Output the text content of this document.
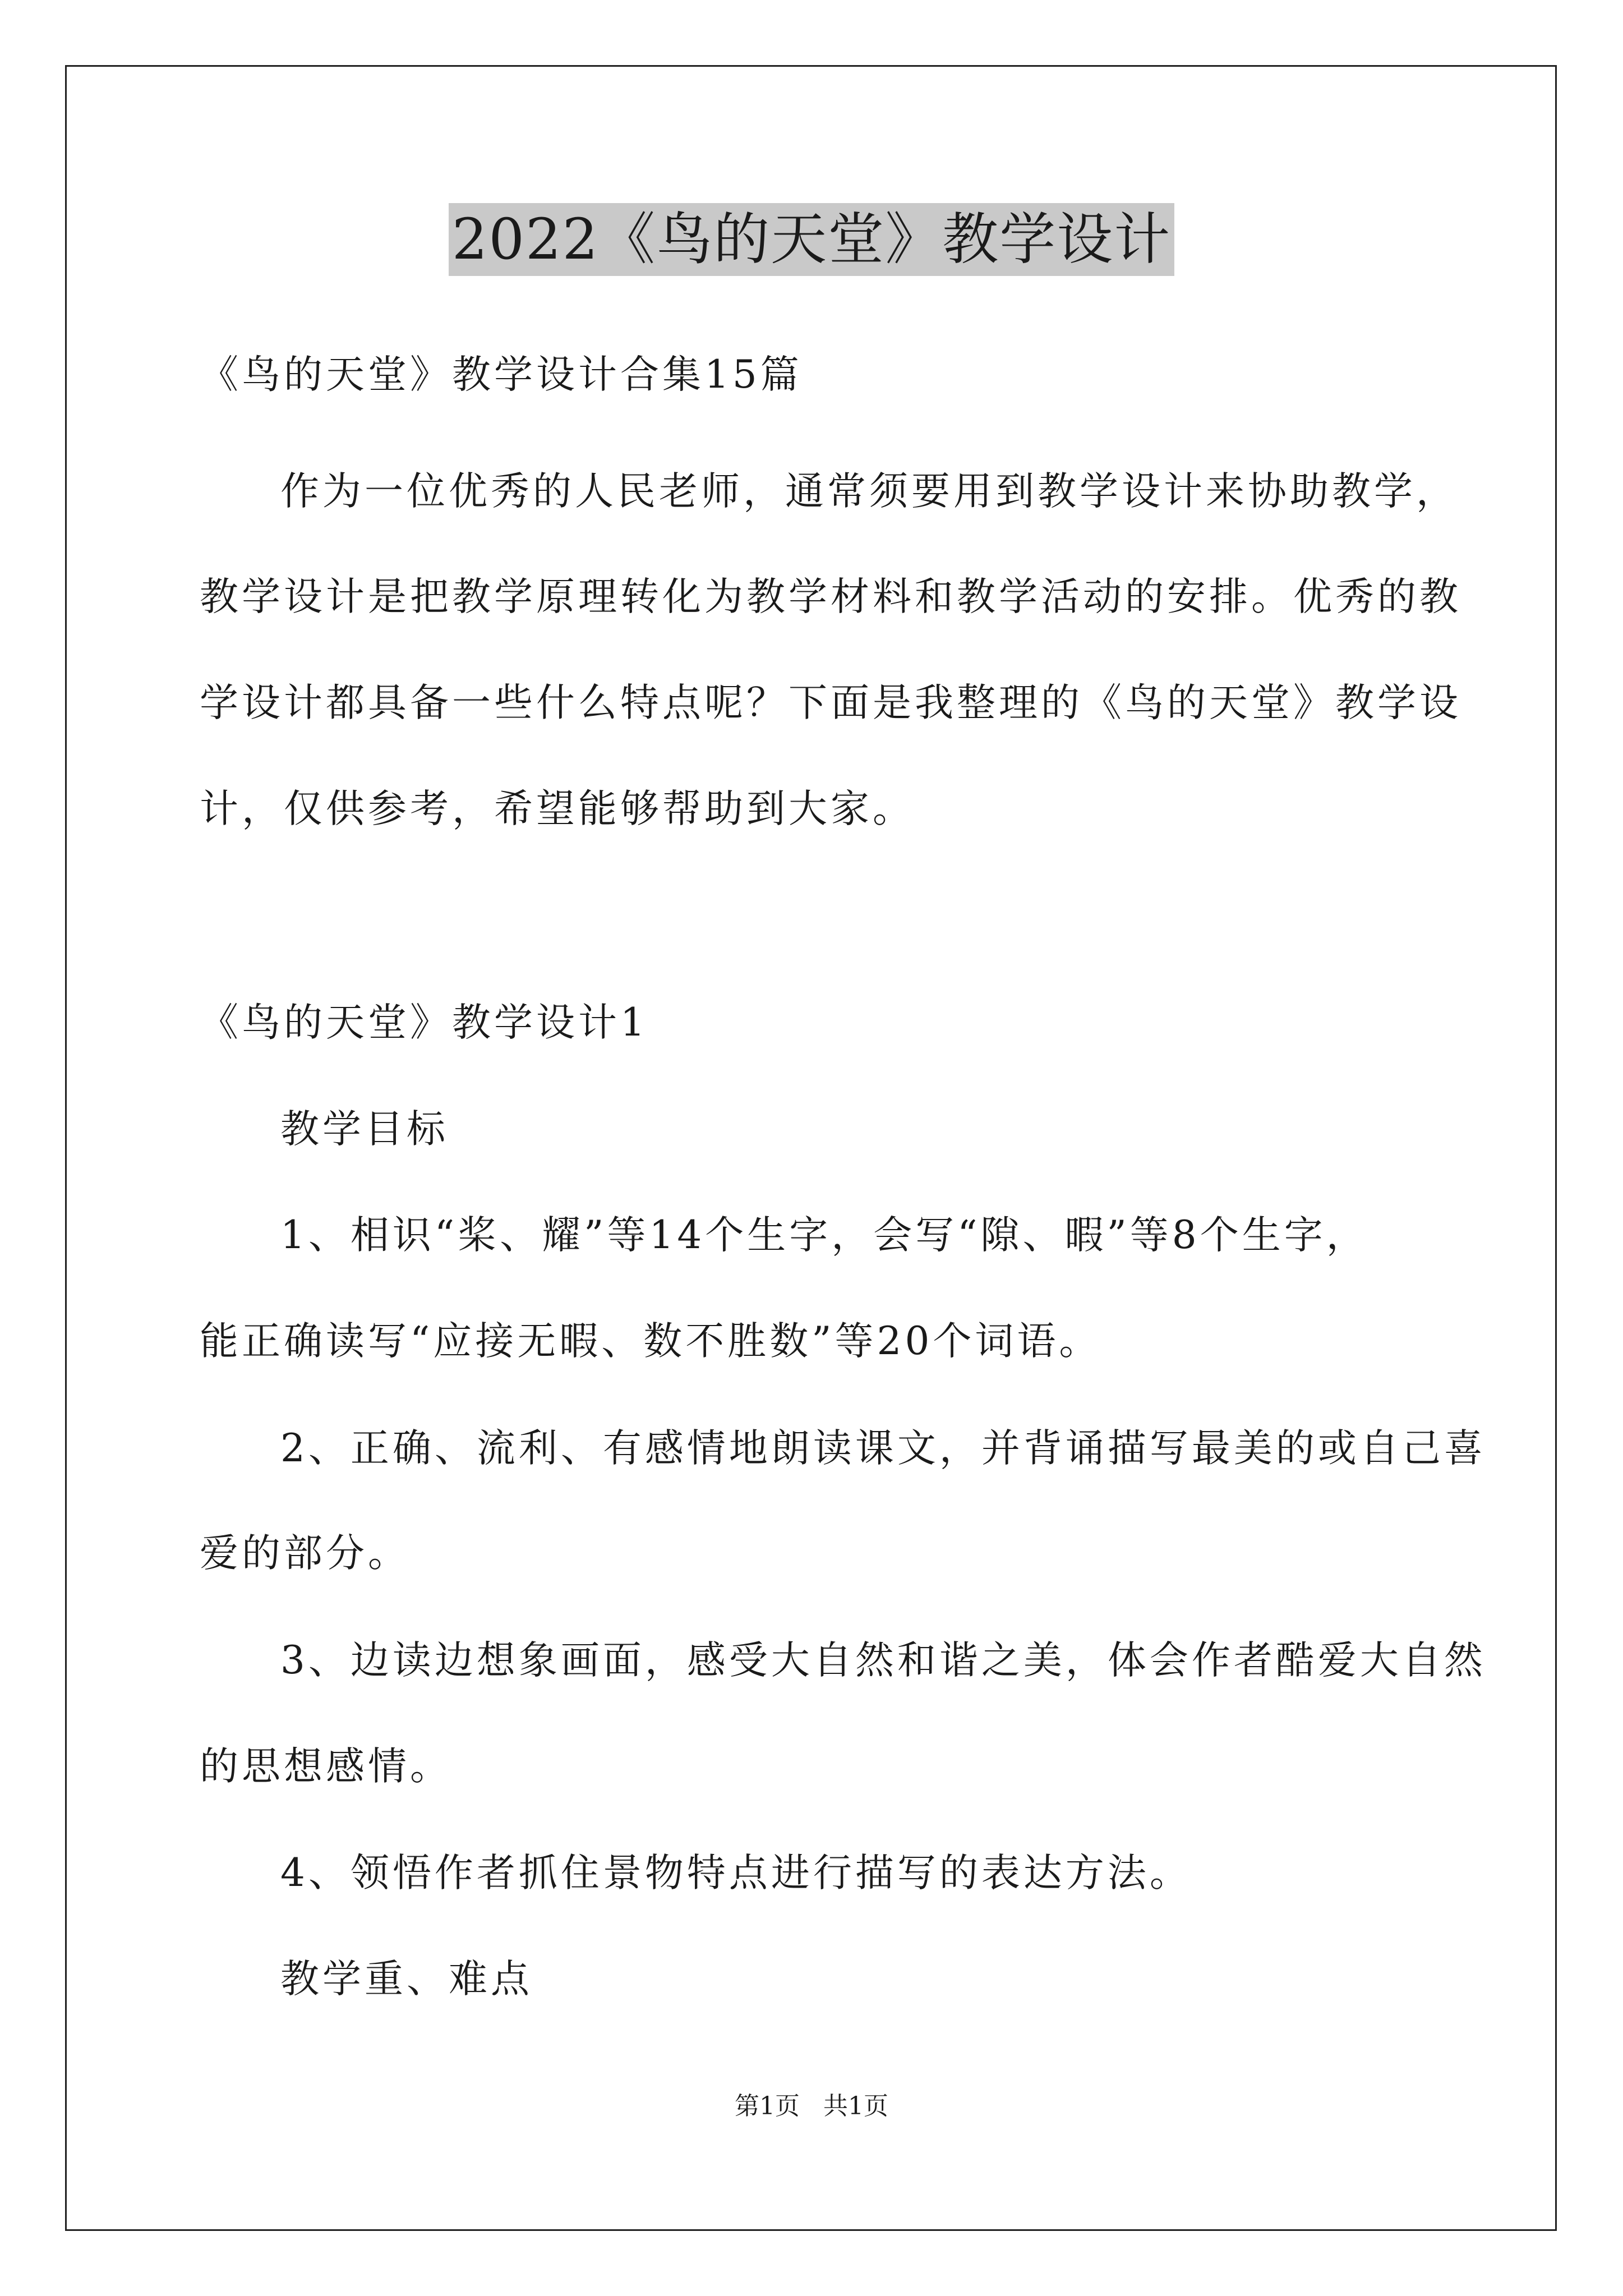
2022《鸟的天堂》教学设计
《鸟的天堂》教学设计合集15篇
作为一位优秀的人民老师，通常须要用到教学设计来协助教学，
教学设计是把教学原理转化为教学材料和教学活动的安排。优秀的教
学设计都具备一些什么特点呢？下面是我整理的《鸟的天堂》教学设
计，仅供参考，希望能够帮助到大家。
《鸟的天堂》教学设计1
教学目标
1、相识“桨、耀”等14个生字，会写“隙、暇”等8个生字，
能正确读写“应接无暇、数不胜数”等20个词语。
2、正确、流利、有感情地朗读课文，并背诵描写最美的或自己喜
爱的部分。
3、边读边想象画面，感受大自然和谐之美，体会作者酷爱大自然
的思想感情。
4、领悟作者抓住景物特点进行描写的表达方法。
教学重、难点
第1页   共1页
